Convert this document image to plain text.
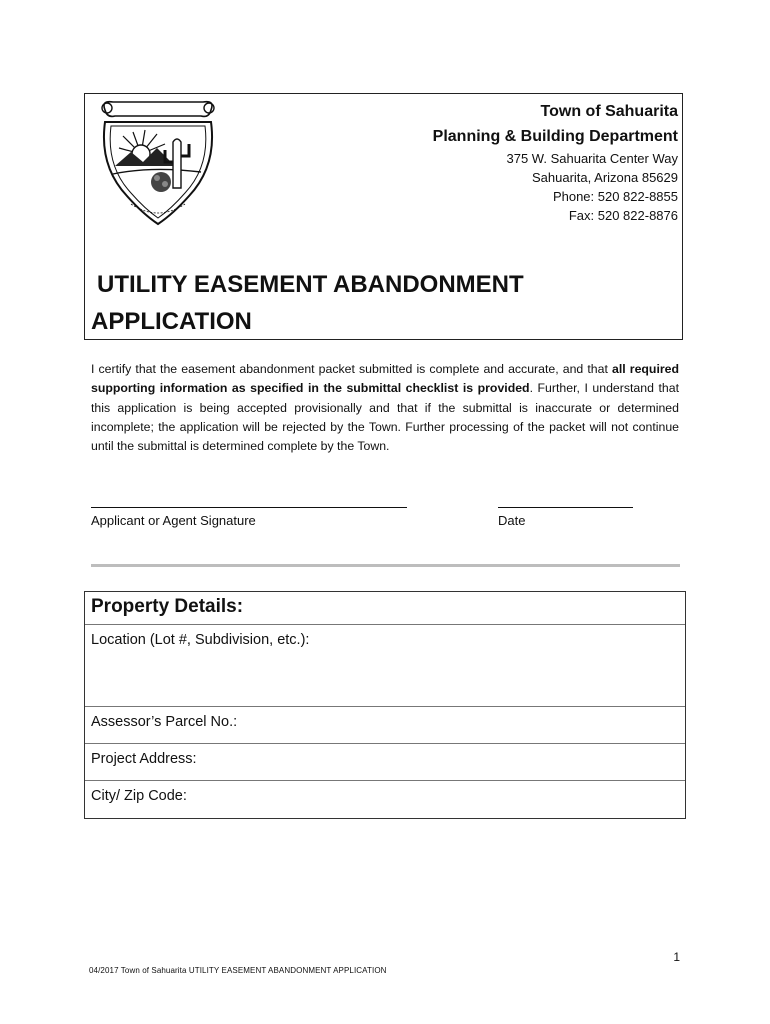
Town of Sahuarita
Planning & Building Department
375 W. Sahuarita Center Way
Sahuarita, Arizona 85629
Phone: 520 822-8855
Fax: 520 822-8876
UTILITY EASEMENT ABANDONMENT
APPLICATION
I certify that the easement abandonment packet submitted is complete and accurate, and that all required supporting information as specified in the submittal checklist is provided. Further, I understand that this application is being accepted provisionally and that if the submittal is inaccurate or determined incomplete; the application will be rejected by the Town. Further processing of the packet will not continue until the submittal is determined complete by the Town.
Applicant or Agent Signature	Date
Property Details:
Location (Lot #, Subdivision, etc.):
Assessor’s Parcel No.:
Project Address:
City/ Zip Code:
1
04/2017 Town of Sahuarita UTILITY EASEMENT ABANDONMENT APPLICATION
